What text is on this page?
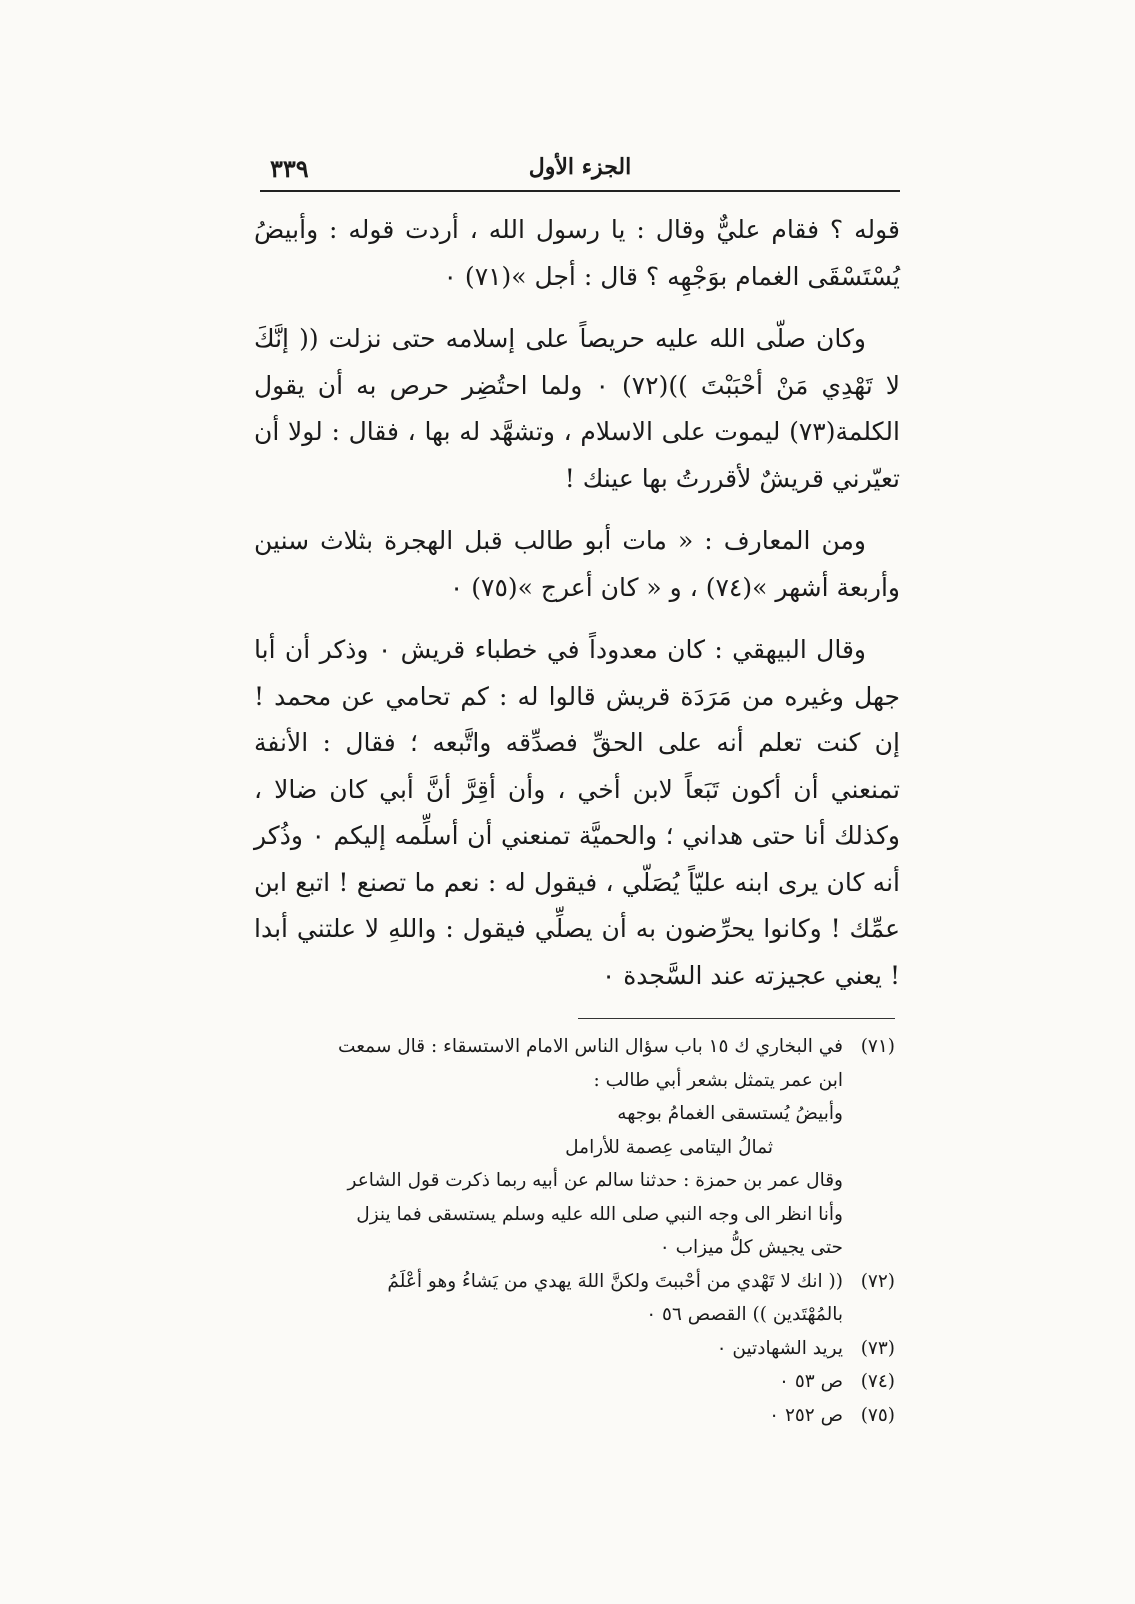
٣٣٩	الجزء الأول

قوله ؟ فقام عليٌّ وقال : يا رسول الله ، أردت قوله : وأبيضُ يُسْتَسْقَى الغمام بوَجْهِه ؟ قال : أجل »(٧١) ٠

وكان صلّى الله عليه حريصاً على إسلامه حتى نزلت (( إنَّكَ لا تَهْدِي مَنْ أحْبَبْتَ ))(٧٢) ٠ ولما احتُضِر حرص به أن يقول الكلمة(٧٣) ليموت على الاسلام ، وتشهَّد له بها ، فقال : لولا أن تعيّرني قريشٌ لأقررتُ بها عينك !

ومن المعارف : « مات أبو طالب قبل الهجرة بثلاث سنين وأربعة أشهر »(٧٤) ، و « كان أعرج »(٧٥) ٠

وقال البيهقي : كان معدوداً في خطباء قريش ٠ وذكر أن أبا جهل وغيره من مَرَدَة قريش قالوا له : كم تحامي عن محمد ! إن كنت تعلم أنه على الحقِّ فصدِّقه واتَّبعه ؛ فقال : الأنفة تمنعني أن أكون تَبَعاً لابن أخي ، وأن أقِرَّ أنَّ أبي كان ضالا ، وكذلك أنا حتى هداني ؛ والحميَّة تمنعني أن أسلِّمه إليكم ٠ وذُكر أنه كان يرى ابنه عليّاً يُصَلّي ، فيقول له : نعم ما تصنع ! اتبع ابن عمِّك ! وكانوا يحرِّضون به أن يصلِّي فيقول : واللهِ لا علتني أبدا ! يعني عجيزته عند السَّجدة ٠

(٧١)
في البخاري ك ١٥ باب سؤال الناس الامام الاستسقاء : قال سمعت
ابن عمر يتمثل بشعر أبي طالب :
وأبيضُ يُستسقى الغمامُ بوجهه
ثمالُ اليتامى عِصمة للأرامل
وقال عمر بن حمزة : حدثنا سالم عن أبيه ربما ذكرت قول الشاعر
وأنا انظر الى وجه النبي صلى الله عليه وسلم يستسقى فما ينزل
حتى يجيش كلُّ ميزاب ٠
(٧٢)
(( انك لا تَهْدي من أحْببتَ ولكنَّ اللهَ يهدي من يَشاءُ وهو أعْلَمُ
بالمُهْتَدين )) القصص ٥٦ ٠
(٧٣)
يريد الشهادتين ٠
(٧٤)
ص ٥٣ ٠
(٧٥)
ص ٢٥٢ ٠
